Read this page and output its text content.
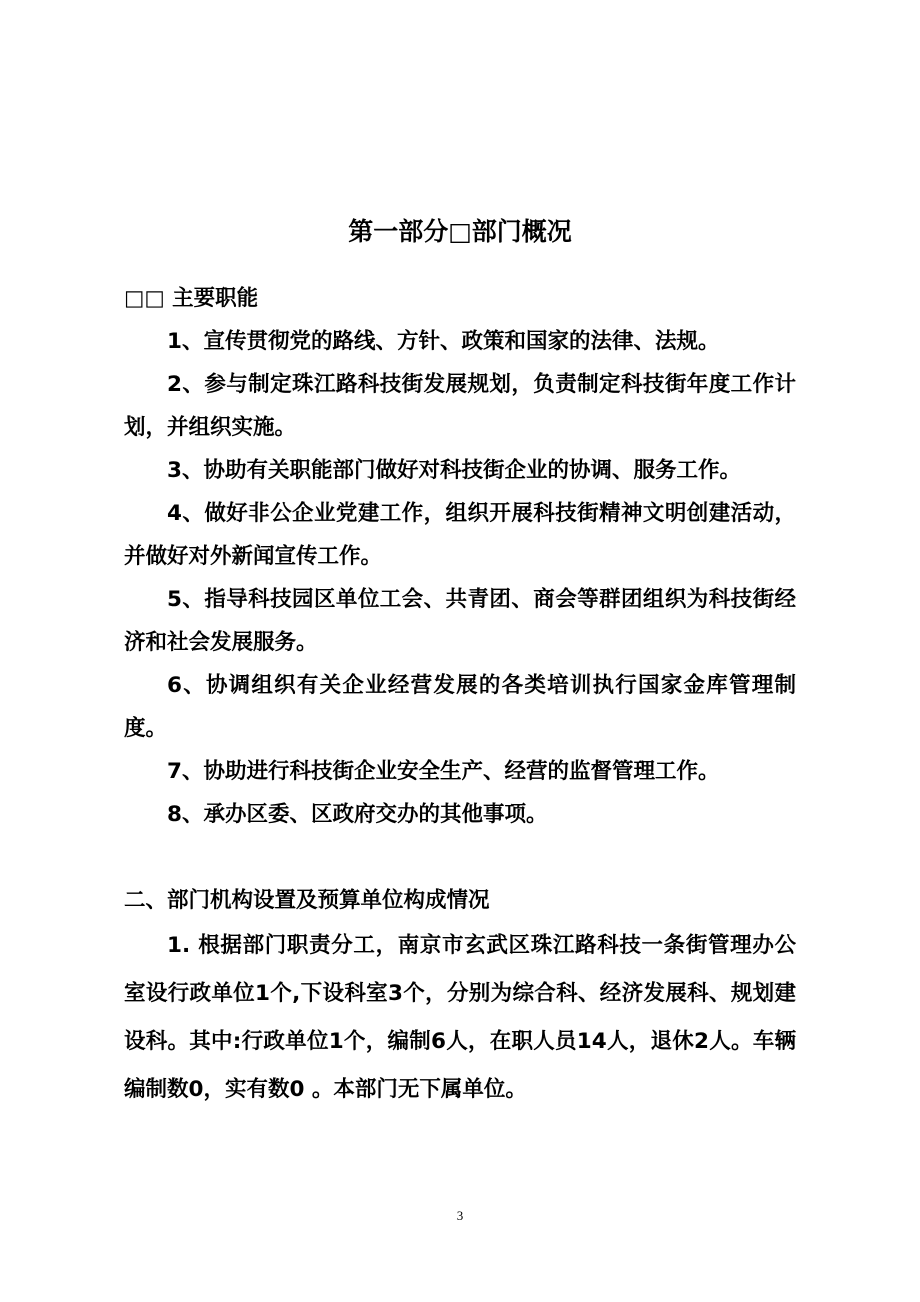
第一部分□部门概况

□□ 主要职能

1、宣传贯彻党的路线、方针、政策和国家的法律、法规。

2、参与制定珠江路科技街发展规划，负责制定科技街年度工作计划，并组织实施。

3、协助有关职能部门做好对科技街企业的协调、服务工作。

4、做好非公企业党建工作，组织开展科技街精神文明创建活动，并做好对外新闻宣传工作。

5、指导科技园区单位工会、共青团、商会等群团组织为科技街经济和社会发展服务。

6、协调组织有关企业经营发展的各类培训执行国家金库管理制度。

7、协助进行科技街企业安全生产、经营的监督管理工作。

8、承办区委、区政府交办的其他事项。

二、部门机构设置及预算单位构成情况

1. 根据部门职责分工，南京市玄武区珠江路科技一条街管理办公室设行政单位1个,下设科室3个，分别为综合科、经济发展科、规划建设科。其中:行政单位1个，编制6人，在职人员14人，退休2人。车辆编制数0，实有数0 。本部门无下属单位。

3
